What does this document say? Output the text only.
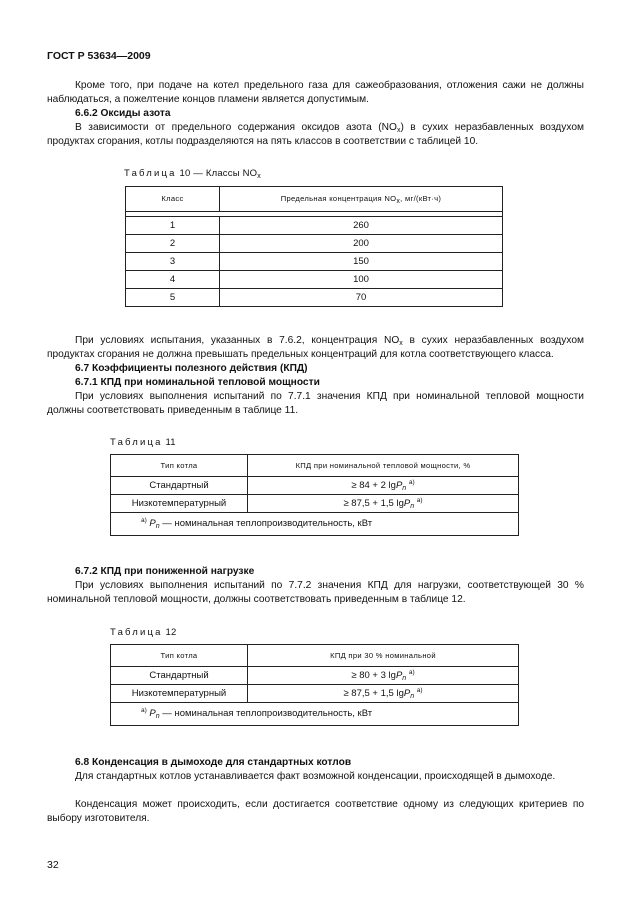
ГОСТ Р 53634—2009
Кроме того, при подаче на котел предельного газа для сажеобразования, отложения сажи не должны наблюдаться, а пожелтение концов пламени является допустимым.
6.6.2 Оксиды азота
В зависимости от предельного содержания оксидов азота $(NO_x)$ в сухих неразбавленных воздухом продуктах сгорания, котлы подразделяются на пять классов в соответствии с таблицей 10.
Таблица 10 — Классы $NO_x$
Класс	Предельная концентрация $NO_x$, мг/(кВт·ч)

1	260
2	200
3	150
4	100
5	70
При условиях испытания, указанных в 7.6.2, концентрация $NO_x$ в сухих неразбавленных воздухом продуктах сгорания не должна превышать предельных концентраций для котла соответствующего класса.
6.7 Коэффициенты полезного действия (КПД)
6.7.1 КПД при номинальной тепловой мощности
При условиях выполнения испытаний по 7.7.1 значения КПД при номинальной тепловой мощности должны соответствовать приведенным в таблице 11.
Таблица 11
Тип котла	КПД при номинальной тепловой мощности, %
Стандартный	≥ 84 + 2 lgP$_n$ $^{a)}$
Низкотемпературный	≥ 87,5 + 1,5 lgP$_n$ $^{a)}$
$^{a)}$ $P_n$ — номинальная теплопроизводительность, кВт	
6.7.2 КПД при пониженной нагрузке
При условиях выполнения испытаний по 7.7.2 значения КПД для нагрузки, соответствующей 30 % номинальной тепловой мощности, должны соответствовать приведенным в таблице 12.
Таблица 12
Тип котла	КПД при 30 % номинальной
Стандартный	≥ 80 + 3 lgP$_n$ $^{a)}$
Низкотемпературный	≥ 87,5 + 1,5 lgP$_n$ $^{a)}$
$^{a)}$ $P_n$ — номинальная теплопроизводительность, кВт	
6.8 Конденсация в дымоходе для стандартных котлов
Для стандартных котлов устанавливается факт возможной конденсации, происходящей в дымоходе.
Конденсация может происходить, если достигается соответствие одному из следующих критериев по выбору изготовителя.
32
